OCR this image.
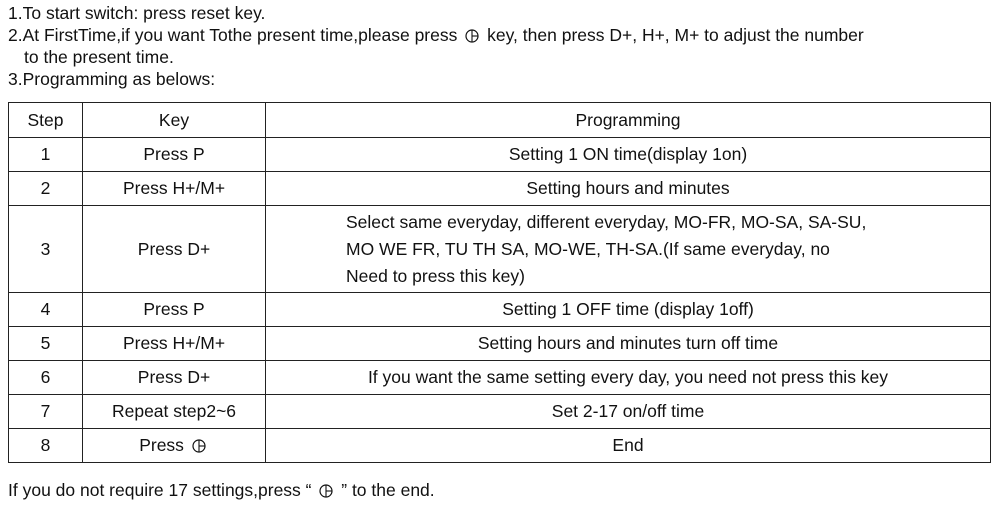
1.To start switch: press reset key.

2.At FirstTime,if you want Tothe present time,please press key, then press D+, H+, M+ to adjust the number

to the present time.

3.Programming as belows:

Step	Key	Programming
1	Press P	Setting 1 ON time(display 1on)
2	Press H+/M+	Setting hours and minutes
3	Press D+	Select same everyday, different everyday, MO-FR, MO-SA, SA-SU,
MO WE FR, TU TH SA, MO-WE, TH-SA.(If same everyday, no
Need to press this key)

4	Press P	Setting 1 OFF time (display 1off)
5	Press H+/M+	Setting hours and minutes turn off time
6	Press D+	If you want the same setting every day, you need not press this key
7	Repeat step2~6	Set 2-17 on/off time
8	Press	End
If you do not require 17 settings,press “ ” to the end.
